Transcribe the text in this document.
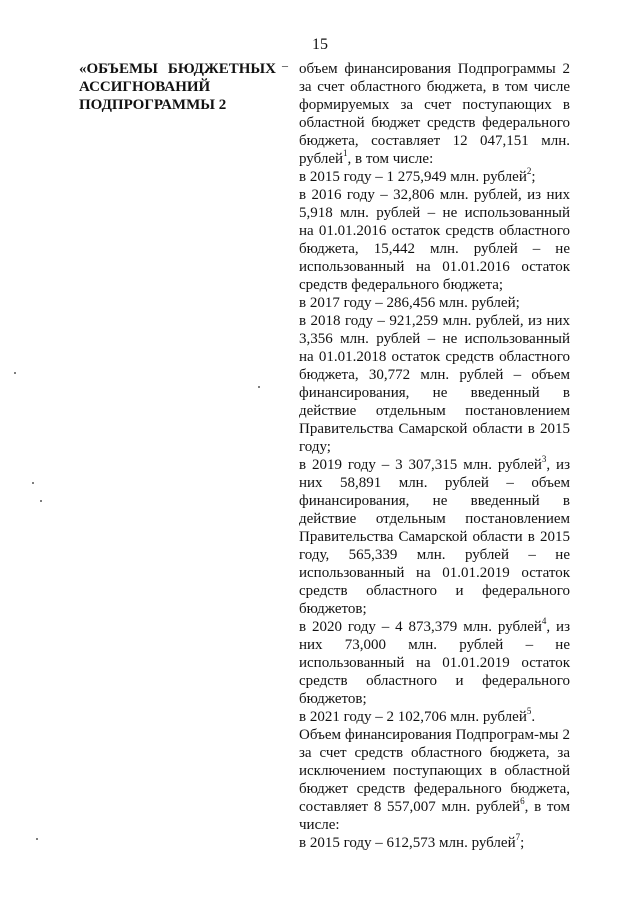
15
«ОБЪЕМЫ БЮДЖЕТНЫХ
АССИГНОВАНИЙ
ПОДПРОГРАММЫ 2
– объем финансирования Подпрограммы 2 за счет областного бюджета, в том числе формируемых за счет поступающих в областной бюджет средств федерального бюджета, составляет 12 047,151 млн. рублей$^1$, в том числе:

в 2015 году – 1 275,949 млн. рублей$^2$;

в 2016 году – 32,806 млн. рублей, из них 5,918 млн. рублей – не использованный на 01.01.2016 остаток средств областного бюджета, 15,442 млн. рублей – не использованный на 01.01.2016 остаток средств федерального бюджета;

в 2017 году – 286,456 млн. рублей;

в 2018 году – 921,259 млн. рублей, из них 3,356 млн. рублей – не использованный на 01.01.2018 остаток средств областного бюджета, 30,772 млн. рублей – объем финансирования, не введенный в действие отдельным постановлением Правительства Самарской области в 2015 году;

в 2019 году – 3 307,315 млн. рублей$^3$, из них 58,891 млн. рублей – объем финансирования, не введенный в действие отдельным постановлением Правительства Самарской области в 2015 году, 565,339 млн. рублей – не использованный на 01.01.2019 остаток средств областного и федерального бюджетов;

в 2020 году – 4 873,379 млн. рублей$^4$, из них 73,000 млн. рублей – не использованный на 01.01.2019 остаток средств областного и федерального бюджетов;

в 2021 году – 2 102,706 млн. рублей$^5$.

Объем финансирования Подпрограм-мы 2 за счет средств областного бюджета, за исключением поступающих в областной бюджет средств федерального бюджета, составляет 8 557,007 млн. рублей$^6$, в том числе:

в 2015 году – 612,573 млн. рублей$^7$;
